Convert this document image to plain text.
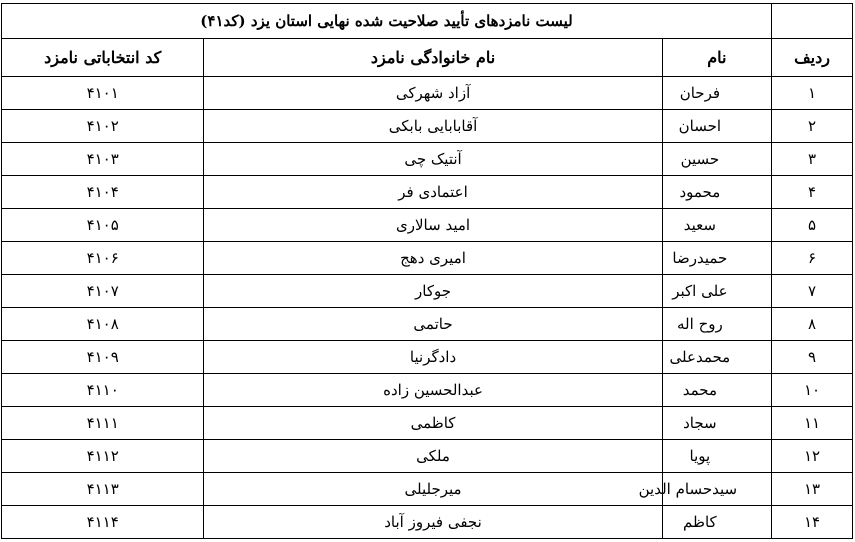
	لیست نامزدهای تأیید صلاحیت شده نهایی استان یزد (کد۴۱)		
ردیف	نام	نام خانوادگی نامزد	کد انتخاباتی نامزد
۱	فرحان	آزاد شهرکی	۴۱۰۱
۲	احسان	آقابابایی بابکی	۴۱۰۲
۳	حسین	آنتیک چی	۴۱۰۳
۴	محمود	اعتمادی فر	۴۱۰۴
۵	سعید	امید سالاری	۴۱۰۵
۶	حمیدرضا	امیری دهج	۴۱۰۶
۷	علی اکبر	جوکار	۴۱۰۷
۸	روح اله	حاتمی	۴۱۰۸
۹	محمدعلی	دادگرنیا	۴۱۰۹
۱۰	محمد	عبدالحسین زاده	۴۱۱۰
۱۱	سجاد	کاظمی	۴۱۱۱
۱۲	پویا	ملکی	۴۱۱۲
۱۳	سیدحسام الدین	میرجلیلی	۴۱۱۳
۱۴	کاظم	نجفی فیروز آباد	۴۱۱۴
